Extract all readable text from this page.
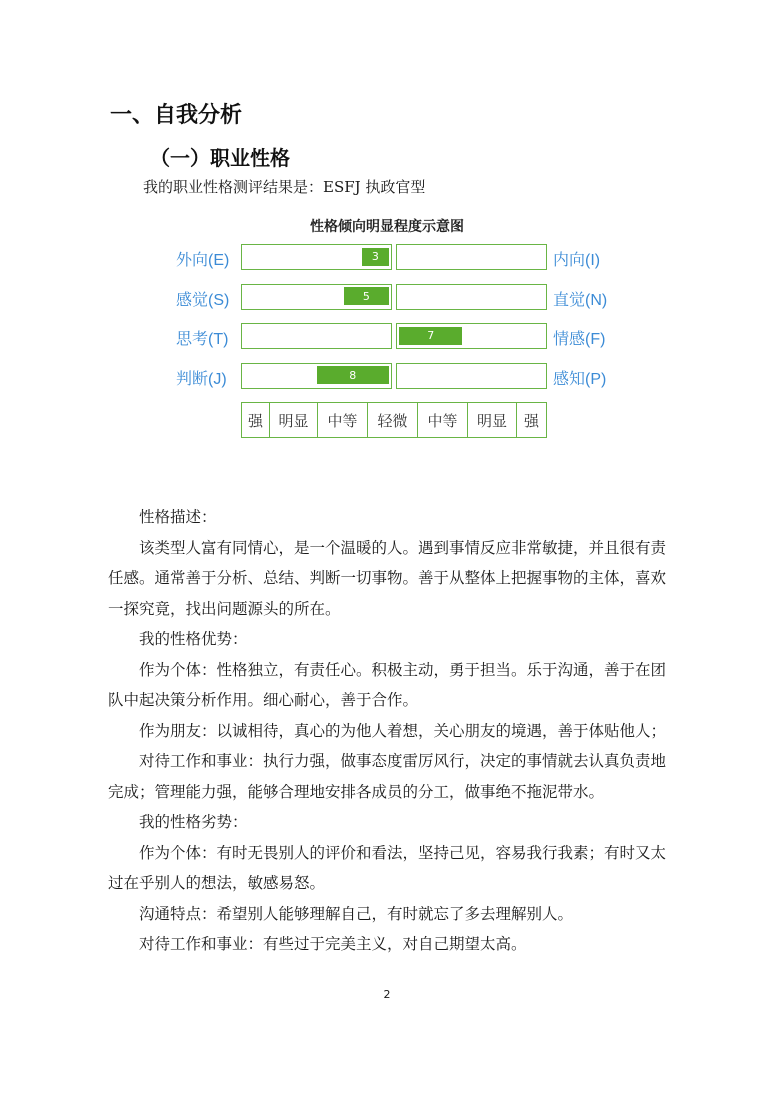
一、自我分析
（一）职业性格
我的职业性格测评结果是：ESFJ 执政官型
性格倾向明显程度示意图
外向(E)	3	内向(I)
感觉(S)	5	直觉(N)
思考(T)	7	情感(F)
判断(J)	8	感知(P)
强	明显	中等	轻微	中等	明显	强

性格描述：

该类型人富有同情心，是一个温暖的人。遇到事情反应非常敏捷，并且很有责任感。通常善于分析、总结、判断一切事物。善于从整体上把握事物的主体，喜欢一探究竟，找出问题源头的所在。

我的性格优势：

作为个体：性格独立，有责任心。积极主动，勇于担当。乐于沟通，善于在团队中起决策分析作用。细心耐心，善于合作。

作为朋友：以诚相待，真心的为他人着想，关心朋友的境遇，善于体贴他人；

对待工作和事业：执行力强，做事态度雷厉风行，决定的事情就去认真负责地完成；管理能力强，能够合理地安排各成员的分工，做事绝不拖泥带水。

我的性格劣势：

作为个体：有时无畏别人的评价和看法，坚持己见，容易我行我素；有时又太过在乎别人的想法，敏感易怒。

沟通特点：希望别人能够理解自己，有时就忘了多去理解别人。

对待工作和事业：有些过于完美主义，对自己期望太高。

2
